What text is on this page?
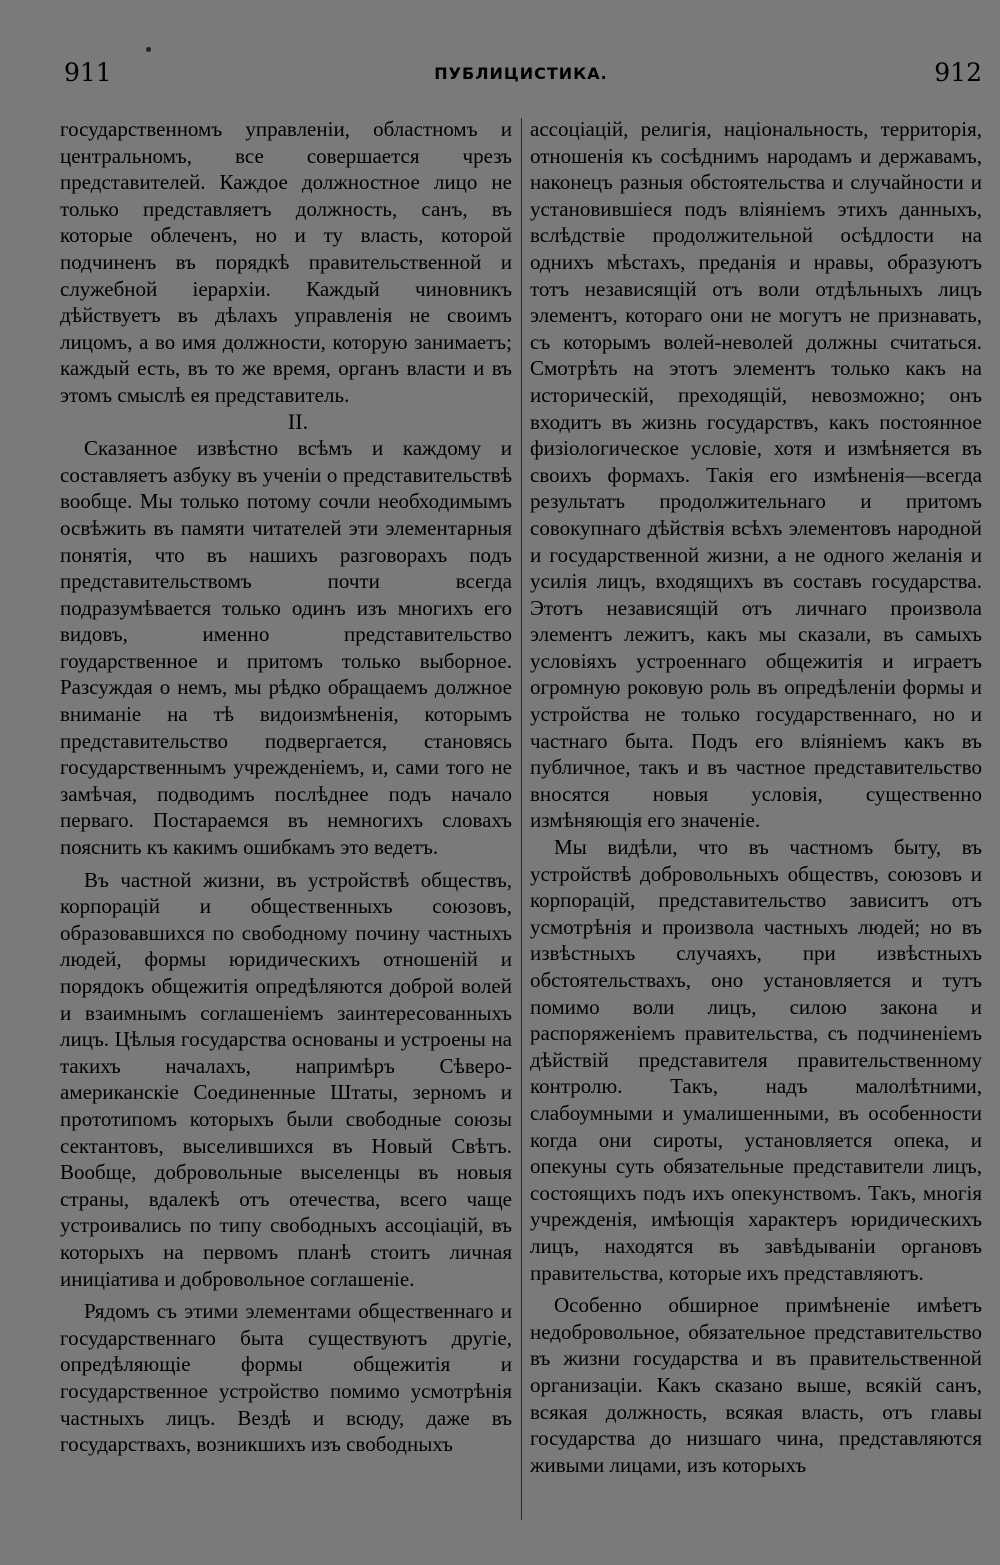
911	ПУБЛИЦИСТИКА.	912

государственномъ управленіи, областномъ и центральномъ, все совершается чрезъ представителей. Каждое должностное лицо не только представляетъ должность, санъ, въ которые облеченъ, но и ту власть, которой подчиненъ въ порядкѣ правительственной и служебной іерархіи. Каждый чиновникъ дѣйствуетъ въ дѣлахъ управленія не своимъ лицомъ, а во имя должности, которую занимаетъ; каждый есть, въ то же время, органъ власти и въ этомъ смыслѣ ея представитель.

II.

Сказанное извѣстно всѣмъ и каждому и составляетъ азбуку въ ученіи о представительствѣ вообще. Мы только потому сочли необходимымъ освѣжить въ памяти читателей эти элементарныя понятія, что въ нашихъ разговорахъ подъ представительствомъ почти всегда подразумѣвается только одинъ изъ многихъ его видовъ, именно представительство гоударственное и притомъ только выборное. Разсуждая о немъ, мы рѣдко обращаемъ должное вниманіе на тѣ видоизмѣненія, которымъ представительство подвергается, становясь государственнымъ учрежденіемъ, и, сами того не замѣчая, подводимъ послѣднее подъ начало перваго. Постараемся въ немногихъ словахъ пояснить къ какимъ ошибкамъ это ведетъ.

Въ частной жизни, въ устройствѣ обществъ, корпорацій и общественныхъ союзовъ, образовавшихся по свободному почину частныхъ людей, формы юридическихъ отношеній и порядокъ общежитія опредѣляются доброй волей и взаимнымъ соглашеніемъ заинтересованныхъ лицъ. Цѣлыя государства основаны и устроены на такихъ началахъ, напримѣръ Сѣверо-американскіе Соединенные Штаты, зерномъ и прототипомъ которыхъ были свободные союзы сектантовъ, выселившихся въ Новый Свѣтъ. Вообще, добровольные выселенцы въ новыя страны, вдалекѣ отъ отечества, всего чаще устроивались по типу свободныхъ ассоціацій, въ которыхъ на первомъ планѣ стоитъ личная иниціатива и добровольное соглашеніе.

Рядомъ съ этими элементами общественнаго и государственнаго быта существуютъ другіе, опредѣляющіе формы общежитія и государственное устройство помимо усмотрѣнія частныхъ лицъ. Вездѣ и всюду, даже въ государствахъ, возникшихъ изъ свободныхъ

ассоціацій, религія, національность, территорія, отношенія къ сосѣднимъ народамъ и державамъ, наконецъ разныя обстоятельства и случайности и установившіеся подъ вліяніемъ этихъ данныхъ, вслѣдствіе продолжительной осѣдлости на однихъ мѣстахъ, преданія и нравы, образуютъ тотъ независящій отъ воли отдѣльныхъ лицъ элементъ, котораго они не могутъ не признавать, съ которымъ волей-неволей должны считаться. Смотрѣть на этотъ элементъ только какъ на историческій, преходящій, невозможно; онъ входитъ въ жизнь государствъ, какъ постоянное физіологическое условіе, хотя и измѣняется въ своихъ формахъ. Такія его измѣненія—всегда результатъ продолжительнаго и притомъ совокупнаго дѣйствія всѣхъ элементовъ народной и государственной жизни, а не одного желанія и усилія лицъ, входящихъ въ составъ государства. Этотъ независящій отъ личнаго произвола элементъ лежитъ, какъ мы сказали, въ самыхъ условіяхъ устроеннаго общежитія и играетъ огромную роковую роль въ опредѣленіи формы и устройства не только государственнаго, но и частнаго быта. Подъ его вліяніемъ какъ въ публичное, такъ и въ частное представительство вносятся новыя условія, существенно измѣняющія его значеніе.

Мы видѣли, что въ частномъ быту, въ устройствѣ добровольныхъ обществъ, союзовъ и корпорацій, представительство зависитъ отъ усмотрѣнія и произвола частныхъ людей; но въ извѣстныхъ случаяхъ, при извѣстныхъ обстоятельствахъ, оно установляется и тутъ помимо воли лицъ, силою закона и распоряженіемъ правительства, съ подчиненіемъ дѣйствій представителя правительственному контролю. Такъ, надъ малолѣтними, слабоумными и умалишенными, въ особенности когда они сироты, установляется опека, и опекуны суть обязательные представители лицъ, состоящихъ подъ ихъ опекунствомъ. Такъ, многія учрежденія, имѣющія характеръ юридическихъ лицъ, находятся въ завѣдываніи органовъ правительства, которые ихъ представляютъ.

Особенно обширное примѣненіе имѣетъ недобровольное, обязательное представительство въ жизни государства и въ правительственной организаціи. Какъ сказано выше, всякій санъ, всякая должность, всякая власть, отъ главы государства до низшаго чина, представляются живыми лицами, изъ которыхъ
